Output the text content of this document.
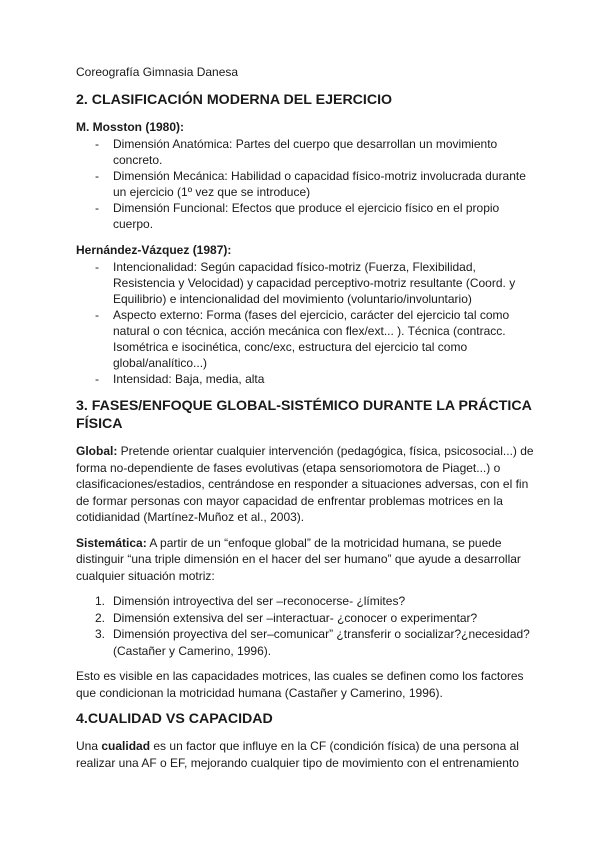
Coreografía Gimnasia Danesa
2. CLASIFICACIÓN MODERNA DEL EJERCICIO
M. Mosston (1980):
- Dimensión Anatómica: Partes del cuerpo que desarrollan un movimiento concreto.
- Dimensión Mecánica: Habilidad o capacidad físico-motriz involucrada durante un ejercicio (1º vez que se introduce)
- Dimensión Funcional: Efectos que produce el ejercicio físico en el propio cuerpo.
Hernández-Vázquez (1987):
- Intencionalidad: Según capacidad físico-motriz (Fuerza, Flexibilidad, Resistencia y Velocidad) y capacidad perceptivo-motriz resultante (Coord. y Equilibrio) e intencionalidad del movimiento (voluntario/involuntario)
- Aspecto externo: Forma (fases del ejercicio, carácter del ejercicio tal como natural o con técnica, acción mecánica con flex/ext... ). Técnica (contracc. Isométrica e isocinética, conc/exc, estructura del ejercicio tal como global/analítico...)
- Intensidad: Baja, media, alta
3. FASES/ENFOQUE GLOBAL-SISTÉMICO DURANTE LA PRÁCTICA FÍSICA

Global: Pretende orientar cualquier intervención (pedagógica, física, psicosocial...) de forma no-dependiente de fases evolutivas (etapa sensoriomotora de Piaget...) o clasificaciones/estadios, centrándose en responder a situaciones adversas, con el fin de formar personas con mayor capacidad de enfrentar problemas motrices en la cotidianidad (Martínez-Muñoz et al., 2003).

Sistemática: A partir de un “enfoque global” de la motricidad humana, se puede distinguir “una triple dimensión en el hacer del ser humano” que ayude a desarrollar cualquier situación motriz:

1. Dimensión introyectiva del ser –reconocerse- ¿límites?
2. Dimensión extensiva del ser –interactuar- ¿conocer o experimentar?
3. Dimensión proyectiva del ser–comunicar” ¿transferir o socializar?¿necesidad? (Castañer y Camerino, 1996).

Esto es visible en las capacidades motrices, las cuales se definen como los factores que condicionan la motricidad humana (Castañer y Camerino, 1996).

4.CUALIDAD VS CAPACIDAD

Una cualidad es un factor que influye en la CF (condición física) de una persona al realizar una AF o EF, mejorando cualquier tipo de movimiento con el entrenamiento
